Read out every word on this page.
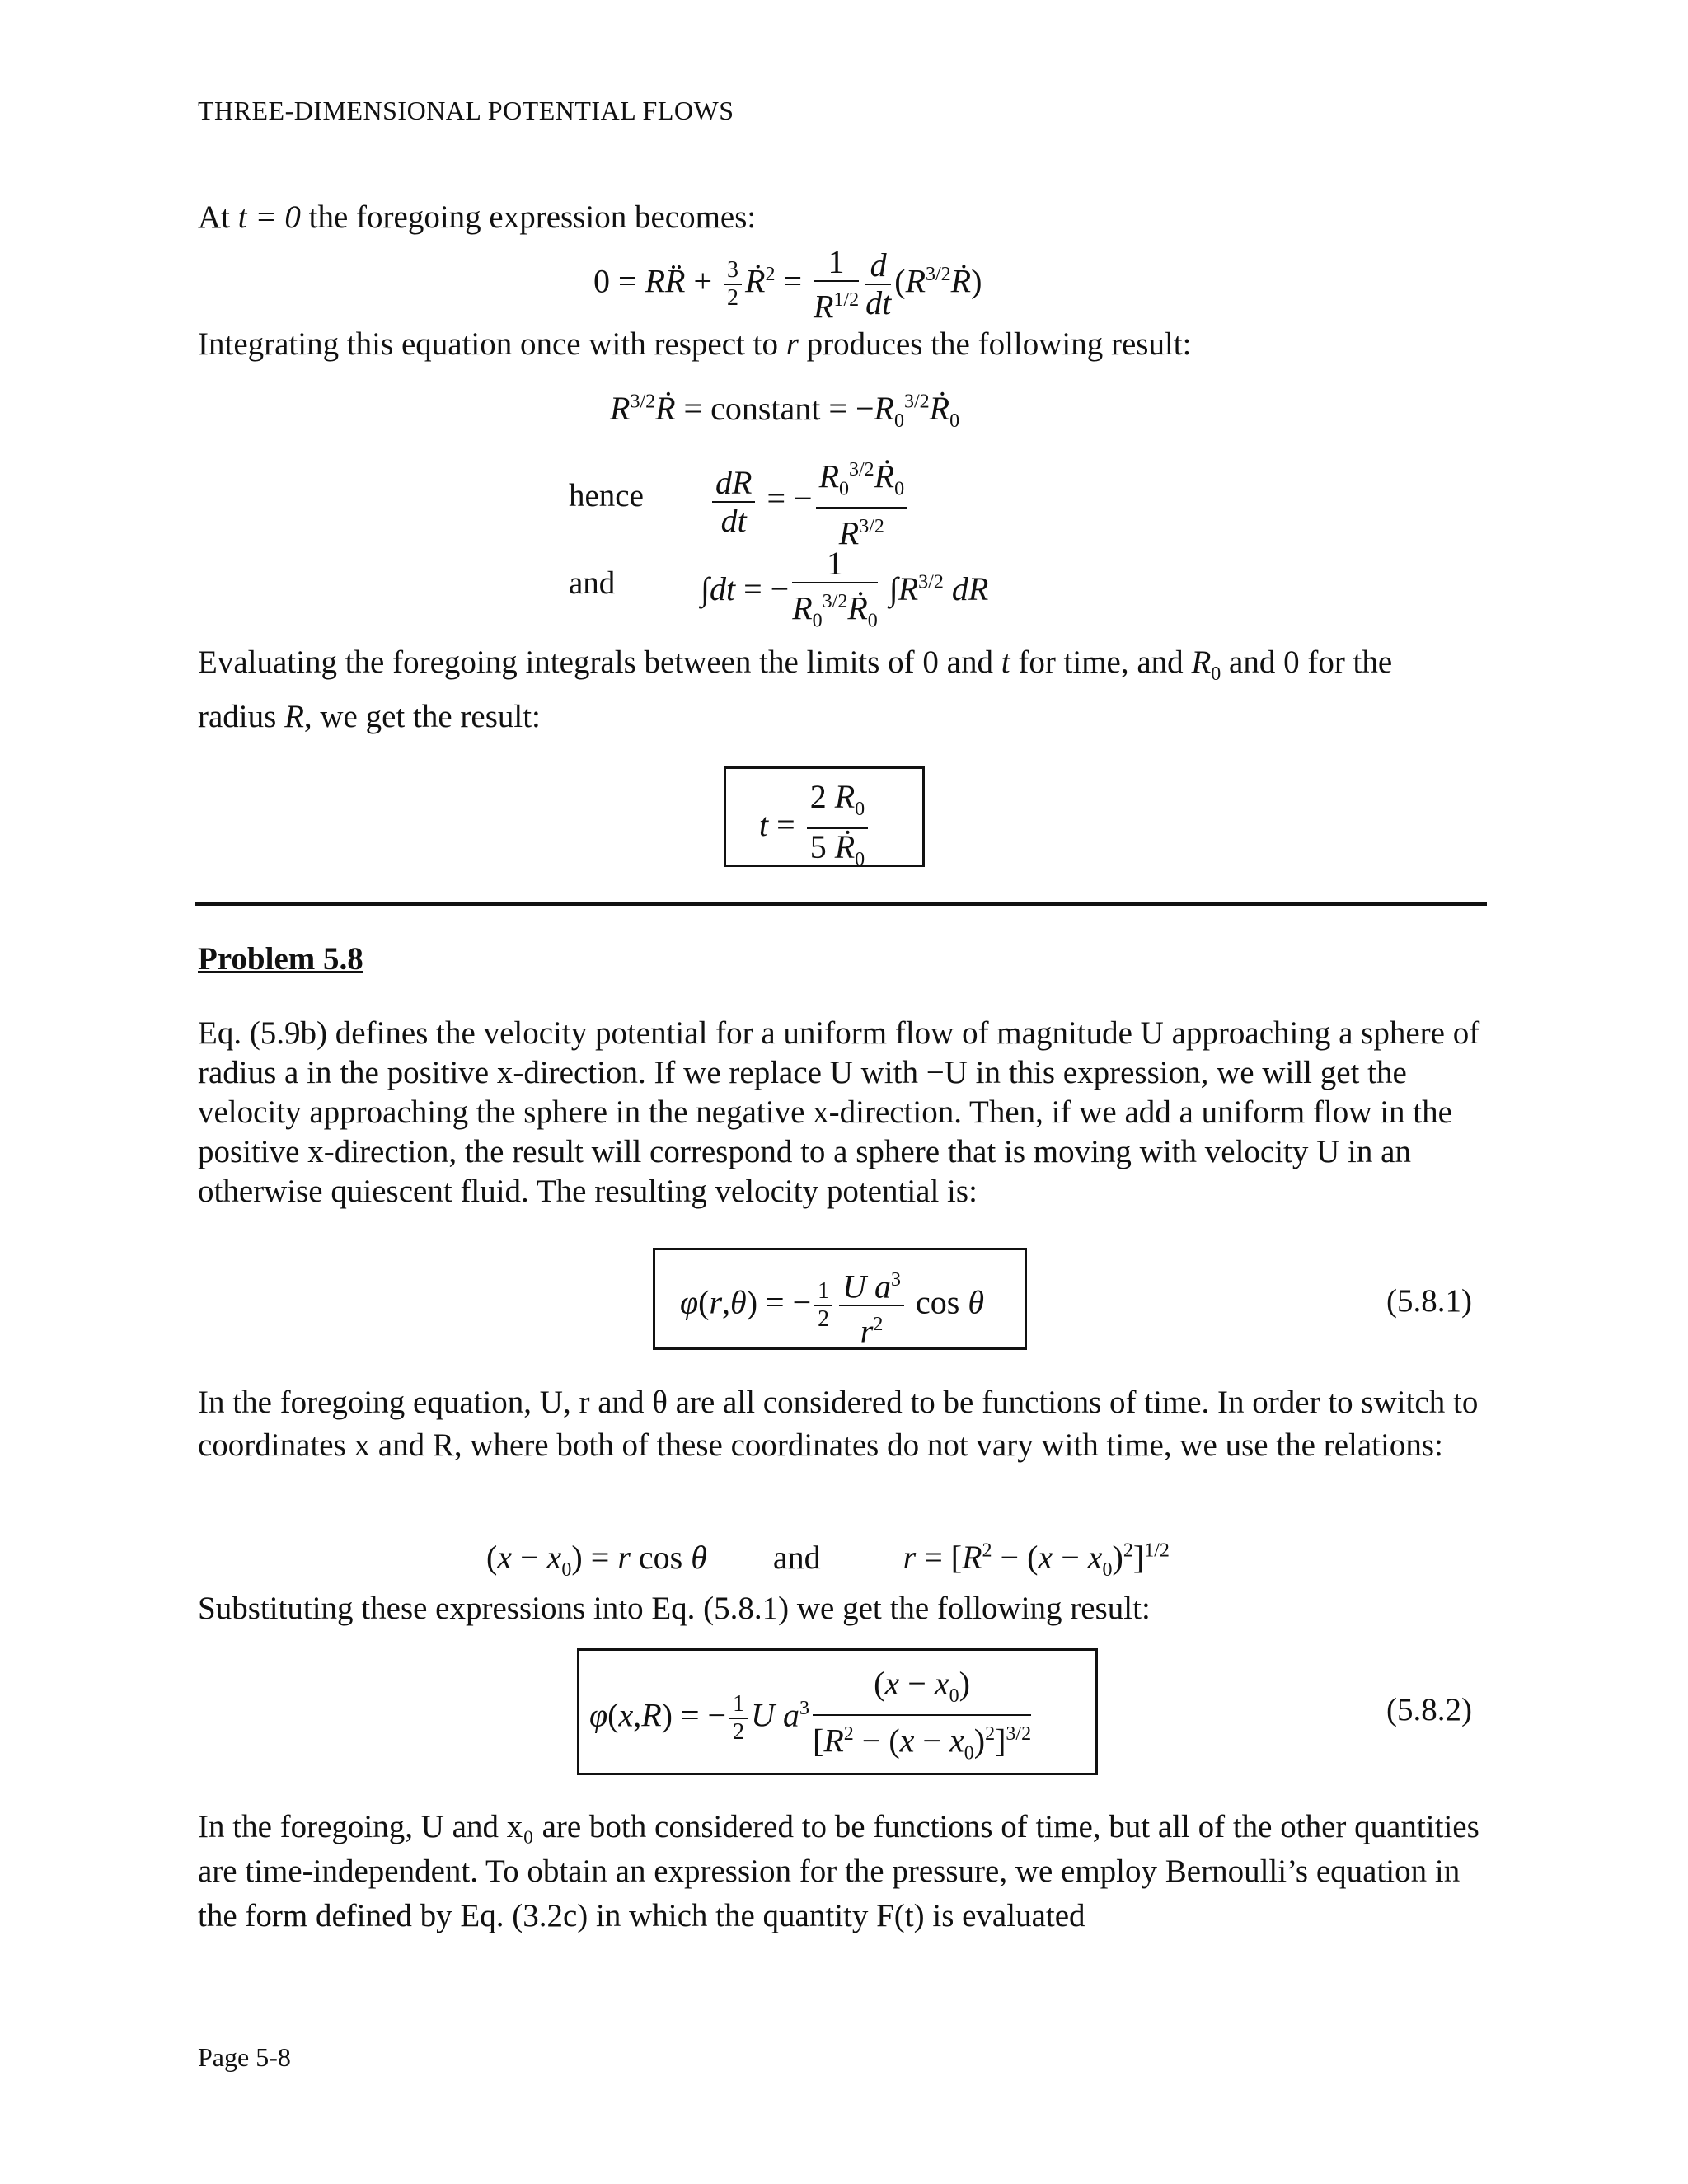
THREE-DIMENSIONAL POTENTIAL FLOWS
At t = 0 the foregoing expression becomes:
0 = RR̈̈ + $\frac{3}{2}$ Ṙ$^2$ = $\frac{1}{R^{1/2}} \frac{d}{dt}$ $(R^{3/2}Ṙ)$
Integrating this equation once with respect to r produces the following result:
$R^{3/2}Ṙ$ = constant = $-R_0^{3/2}Ṙ_0$
hence	$\frac{dR}{dt}$ = − $\frac{R_0^{3/2}Ṙ_0}{R^{3/2}}$
and	∫dt = − $\frac{1}{R_0^{3/2}Ṙ_0} \int R^{3/2}$ dR
Evaluating the foregoing integrals between the limits of 0 and t for time, and $R_0$ and 0 for the
radius R, we get the result:
$t = \frac{2 R_0}{5 Ṙ_0}$
Problem 5.8
Eq. (5.9b) defines the velocity potential for a uniform flow of magnitude U approaching a sphere of radius a in the positive x-direction. If we replace U with −U in this expression, we will get the velocity approaching the sphere in the negative x-direction. Then, if we add a uniform flow in the positive x-direction, the result will correspond to a sphere that is moving with velocity U in an otherwise quiescent fluid. The resulting velocity potential is:
φ(r,θ) = − $\frac{1}{2} \frac{U a^3}{r^2}$ cos θ	(5.8.1)
In the foregoing equation, U, r and θ are all considered to be functions of time. In order to switch to coordinates x and R, where both of these coordinates do not vary with time, we use the relations:
$(x - x_0) = r$ cos θ and	$r = [R^2 - (x - x_0)^2]^{1/2}$
Substituting these expressions into Eq. (5.8.1) we get the following result:
φ(x,R) = − $\frac{1}{2}$ U $a^3 \frac{(x - x_0)}{[R^2 - (x - x_0)^2]^{3/2}}$	(5.8.2)
In the foregoing, U and x₀ are both considered to be functions of time, but all of the other quantities are time-independent. To obtain an expression for the pressure, we employ Bernoulli’s equation in the form defined by Eq. (3.2c) in which the quantity F(t) is evaluated
Page 5-8
